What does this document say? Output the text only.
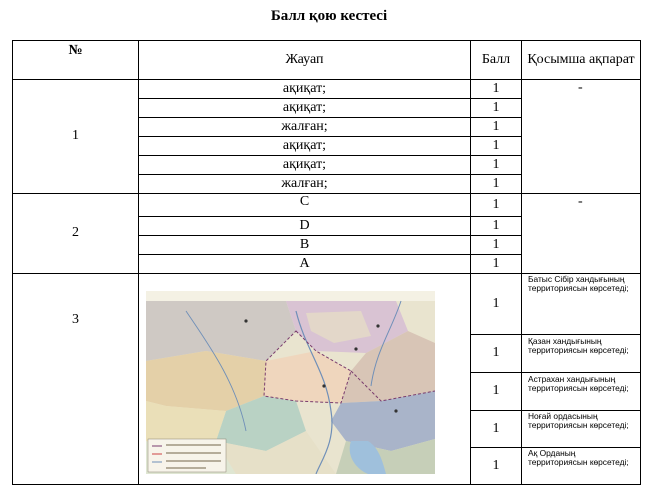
Балл қою кестесі
№
Жауап	Балл	Қосымша ақпарат
1
ақиқат;
ақиқат;
жалған;
ақиқат;
ақиқат;
жалған;
1
1
1
1
1
1
-
2
C
D
B
A
1
1
1
1
-
3
1
1
1
1
1
Батыс Сібір хандығының территориясын көрсетеді;
Қазан хандығының территориясын көрсетеді;
Астрахан хандығының территориясын көрсетеді;
Ноғай ордасының территориясын көрсетеді;
Ақ Орданың территориясын көрсетеді;
